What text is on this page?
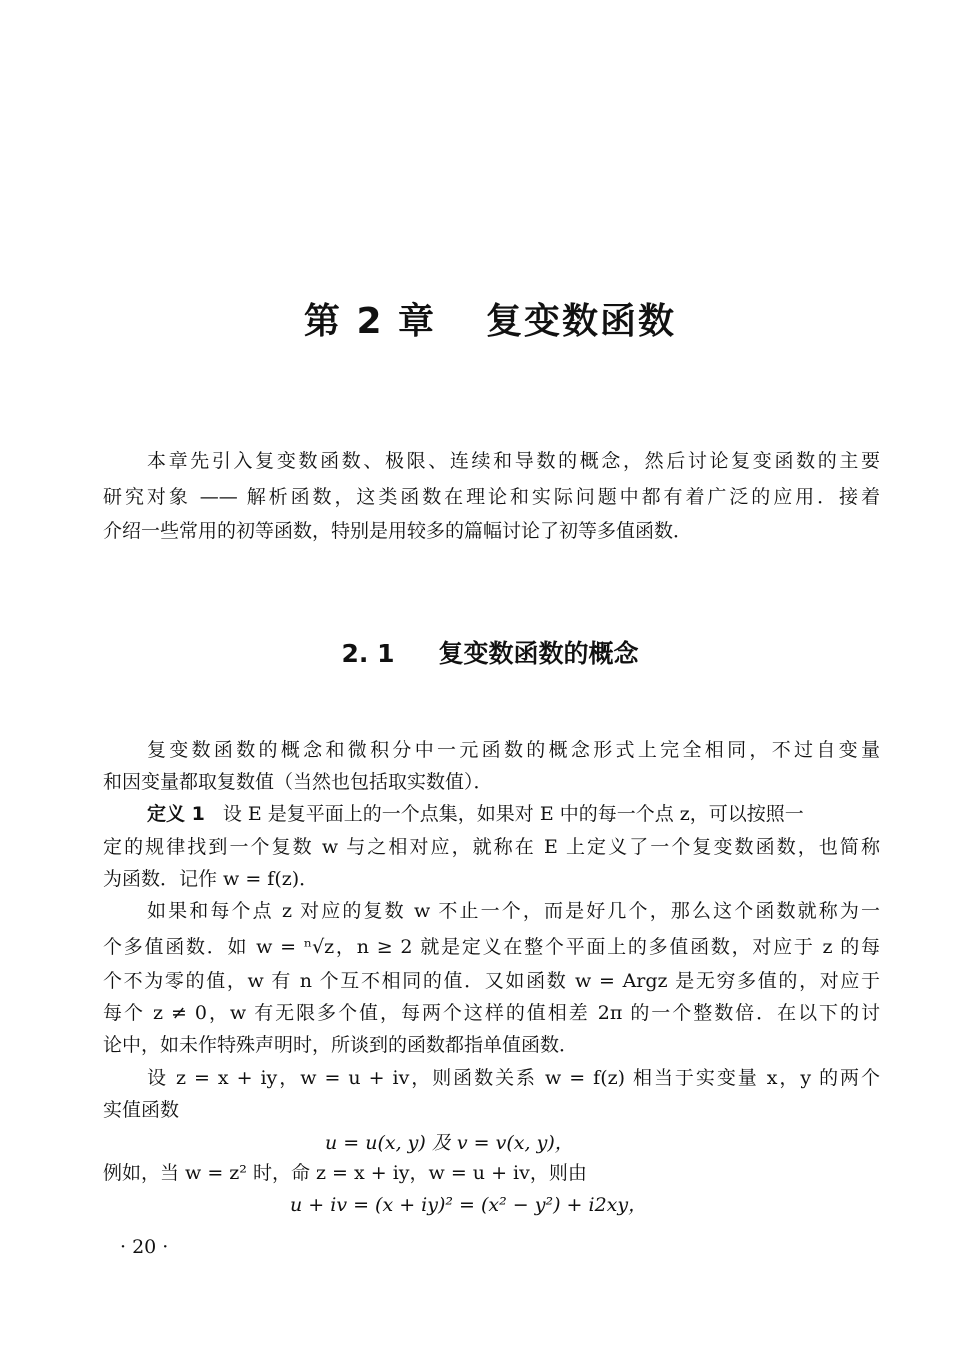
第 2 章 复变数函数
本章先引入复变数函数、极限、连续和导数的概念，然后讨论复变函数的主要
研究对象 —— 解析函数，这类函数在理论和实际问题中都有着广泛的应用．接着
介绍一些常用的初等函数，特别是用较多的篇幅讨论了初等多值函数．
2. 1 复变数函数的概念
复变数函数的概念和微积分中一元函数的概念形式上完全相同，不过自变量
和因变量都取复数值（当然也包括取实数值）．
定义 1 设 E 是复平面上的一个点集，如果对 E 中的每一个点 z，可以按照一
定的规律找到一个复数 w 与之相对应，就称在 E 上定义了一个复变数函数，也简称
为函数．记作 w = f(z)．
如果和每个点 z 对应的复数 w 不止一个，而是好几个，那么这个函数就称为一
个多值函数．如 w = ⁿ√z，n ≥ 2 就是定义在整个平面上的多值函数，对应于 z 的每
个不为零的值，w 有 n 个互不相同的值．又如函数 w = Argz 是无穷多值的，对应于
每个 z ≠ 0，w 有无限多个值，每两个这样的值相差 2π 的一个整数倍．在以下的讨
论中，如未作特殊声明时，所谈到的函数都指单值函数．
设 z = x + iy，w = u + iv，则函数关系 w = f(z) 相当于实变量 x，y 的两个
实值函数
u = u(x, y) 及 v = v(x, y)，
例如，当 w = z² 时，命 z = x + iy，w = u + iv，则由
u + iv = (x + iy)² = (x² − y²) + i2xy，
· 20 ·
